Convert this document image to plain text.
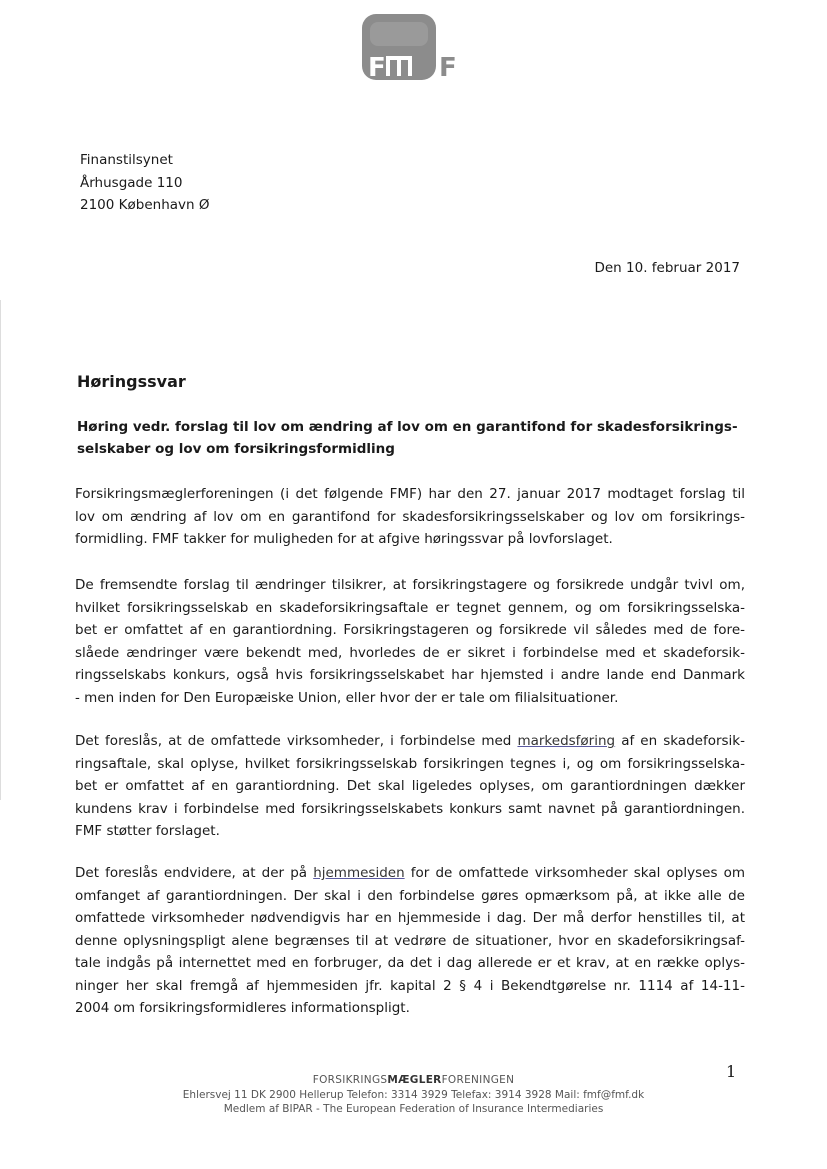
F F
Finanstilsynet
Århusgade 110
2100 København Ø
Den 10. februar 2017
Høringssvar
Høring vedr. forslag til lov om ændring af lov om en garantifond for skadesforsikrings-selskaber og lov om forsikringsformidling
Forsikringsmæglerforeningen (i det følgende FMF) har den 27. januar 2017 modtaget forslag til
lov om ændring af lov om en garantifond for skadesforsikringsselskaber og lov om forsikrings-
formidling. FMF takker for muligheden for at afgive høringssvar på lovforslaget.
De fremsendte forslag til ændringer tilsikrer, at forsikringstagere og forsikrede undgår tvivl om,
hvilket forsikringsselskab en skadeforsikringsaftale er tegnet gennem, og om forsikringsselska-
bet er omfattet af en garantiordning. Forsikringstageren og forsikrede vil således med de fore-
slåede ændringer være bekendt med, hvorledes de er sikret i forbindelse med et skadeforsik-
ringsselskabs konkurs, også hvis forsikringsselskabet har hjemsted i andre lande end Danmark
- men inden for Den Europæiske Union, eller hvor der er tale om filialsituationer.
Det foreslås, at de omfattede virksomheder, i forbindelse med markedsføring af en skadeforsik-
ringsaftale, skal oplyse, hvilket forsikringsselskab forsikringen tegnes i, og om forsikringsselska-
bet er omfattet af en garantiordning. Det skal ligeledes oplyses, om garantiordningen dækker
kundens krav i forbindelse med forsikringsselskabets konkurs samt navnet på garantiordningen.
FMF støtter forslaget.
Det foreslås endvidere, at der på hjemmesiden for de omfattede virksomheder skal oplyses om
omfanget af garantiordningen. Der skal i den forbindelse gøres opmærksom på, at ikke alle de
omfattede virksomheder nødvendigvis har en hjemmeside i dag. Der må derfor henstilles til, at
denne oplysningspligt alene begrænses til at vedrøre de situationer, hvor en skadeforsikringsaf-
tale indgås på internettet med en forbruger, da det i dag allerede er et krav, at en række oplys-
ninger her skal fremgå af hjemmesiden jfr. kapital 2 § 4 i Bekendtgørelse nr. 1114 af 14-11-
2004 om forsikringsformidleres informationspligt.
1
FORSIKRINGSMÆGLERFORENINGEN
Ehlersvej 11 DK 2900 Hellerup Telefon: 3314 3929 Telefax: 3914 3928 Mail: fmf@fmf.dk
Medlem af BIPAR - The European Federation of Insurance Intermediaries
